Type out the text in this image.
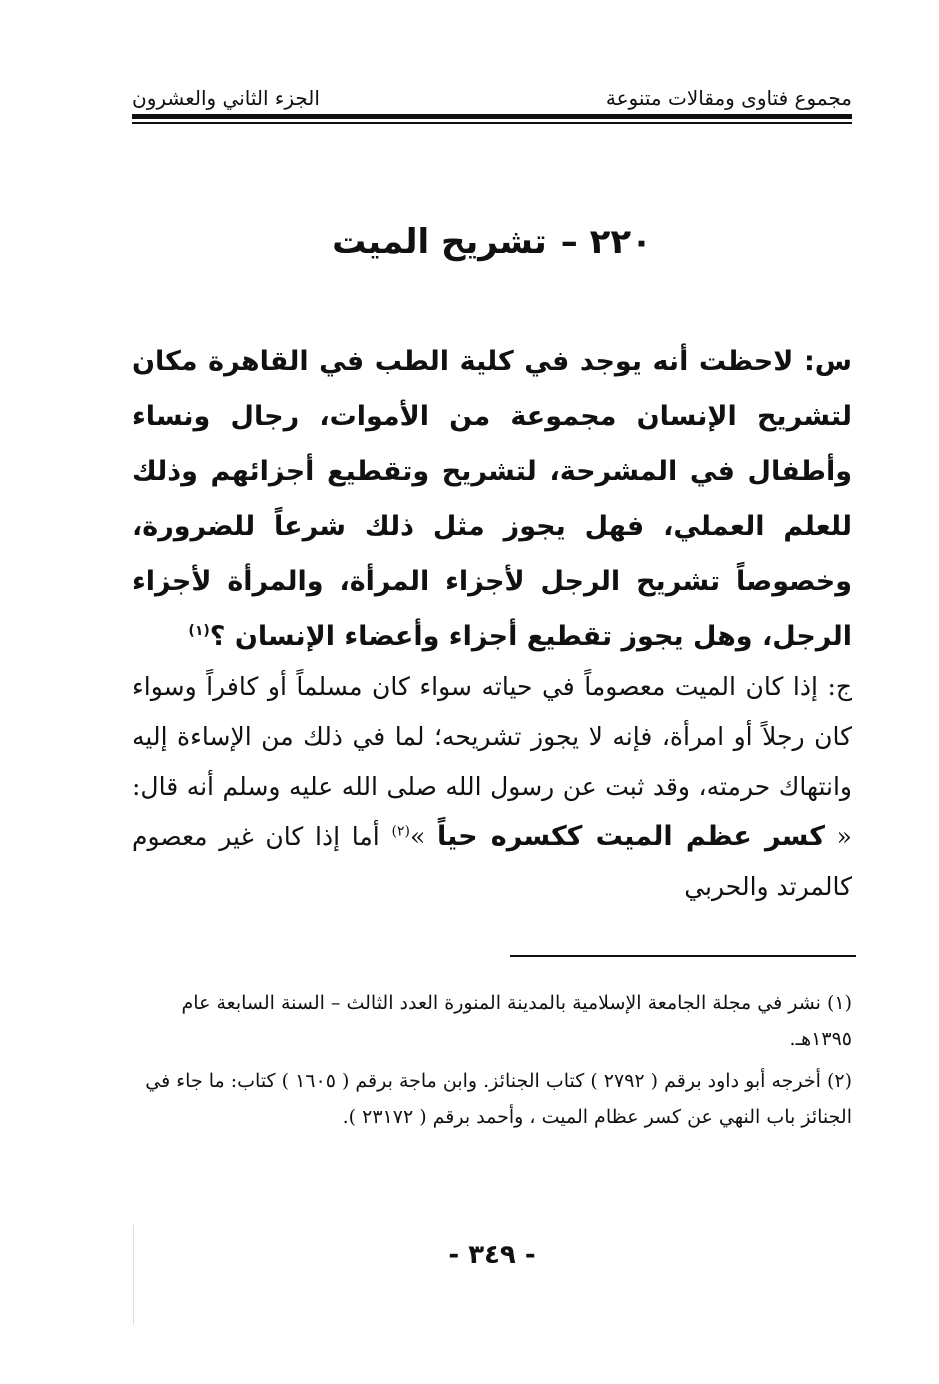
مجموع فتاوى ومقالات متنوعة
الجزء الثاني والعشرون
٢٢٠ –تشريح الميت
س: لاحظت أنه يوجد في كلية الطب في القاهرة مكان لتشريح الإنسان مجموعة من الأموات، رجال ونساء وأطفال في المشرحة، لتشريح وتقطيع أجزائهم وذلك للعلم العملي، فهل يجوز مثل ذلك شرعاً للضرورة، وخصوصاً تشريح الرجل لأجزاء المرأة، والمرأة لأجزاء الرجل، وهل يجوز تقطيع أجزاء وأعضاء الإنسان ؟$^{(١)}$
ج: إذا كان الميت معصوماً في حياته سواء كان مسلماً أو كافراً وسواء كان رجلاً أو امرأة، فإنه لا يجوز تشريحه؛ لما في ذلك من الإساءة إليه وانتهاك حرمته، وقد ثبت عن رسول الله صلى الله عليه وسلم أنه قال: « كسر عظم الميت ككسره حياً »$^{(٢)}$ أما إذا كان غير معصوم كالمرتد والحربي
(١)نشر في مجلة الجامعة الإسلامية بالمدينة المنورة العدد الثالث – السنة السابعة عام ١٣٩٥هـ.
(٢)أخرجه أبو داود برقم ( ٢٧٩٢ ) كتاب الجنائز. وابن ماجة برقم ( ١٦٠٥ ) كتاب: ما جاء في الجنائز باب النهي عن كسر عظام الميت ، وأحمد برقم ( ٢٣١٧٢ ).
- ٣٤٩ -
